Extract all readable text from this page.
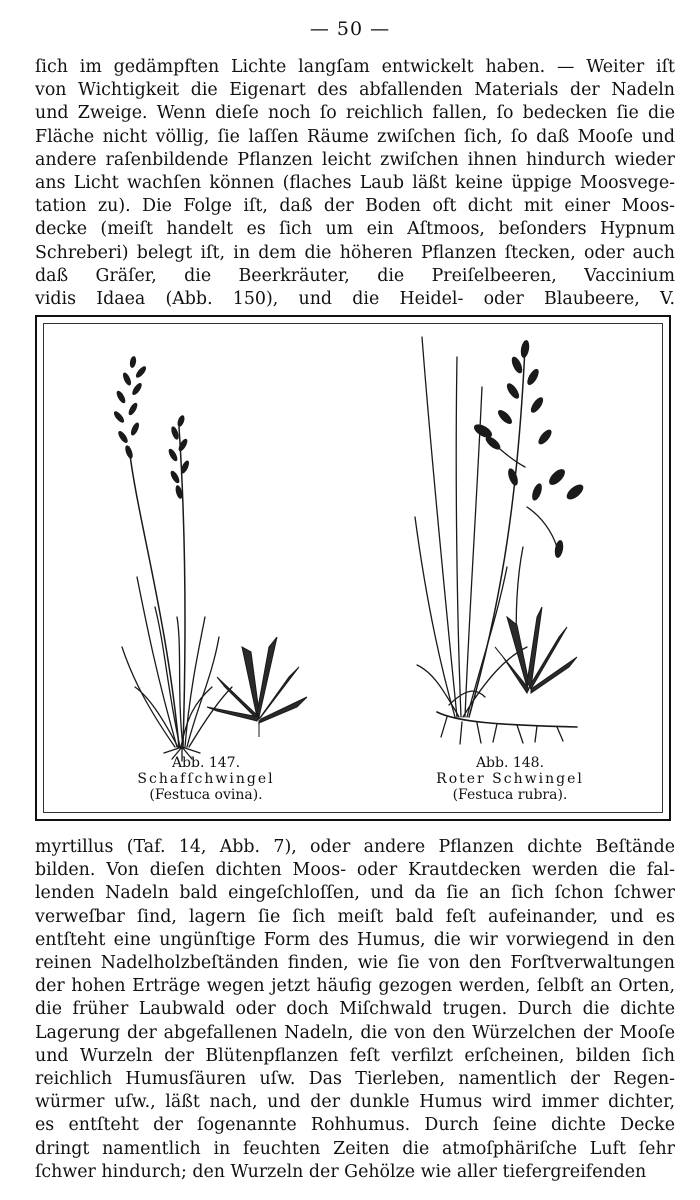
— 50 —
ſich im gedämpften Lichte langſam entwickelt haben. — Weiter iſt
von Wichtigkeit die Eigenart des abfallenden Materials der Nadeln
und Zweige. Wenn dieſe noch ſo reichlich fallen, ſo bedecken ſie die
Fläche nicht völlig, ſie laſſen Räume zwiſchen ſich, ſo daß Mooſe und
andere raſenbildende Pflanzen leicht zwiſchen ihnen hindurch wieder
ans Licht wachſen können (flaches Laub läßt keine üppige Moosvege-
tation zu). Die Folge iſt, daß der Boden oft dicht mit einer Moos-
decke (meiſt handelt es ſich um ein Aſtmoos, beſonders Hypnum
Schreberi) belegt iſt, in dem die höheren Pflanzen ſtecken, oder auch
daß Gräſer, die Beerkräuter, die Preiſelbeeren, Vaccinium
vidis Idaea (Abb. 150), und die Heidel- oder Blaubeere, V.
Abb. 147.
Schafſchwingel
(Festuca ovina).
Abb. 148.
Roter Schwingel
(Festuca rubra).
myrtillus (Taf. 14, Abb. 7), oder andere Pflanzen dichte Beſtände
bilden. Von dieſen dichten Moos- oder Krautdecken werden die fal-
lenden Nadeln bald eingeſchloſſen, und da ſie an ſich ſchon ſchwer
verweſbar ſind, lagern ſie ſich meiſt bald feſt aufeinander, und es
entſteht eine ungünſtige Form des Humus, die wir vorwiegend in den
reinen Nadelholzbeſtänden finden, wie ſie von den Forſtverwaltungen
der hohen Erträge wegen jetzt häufig gezogen werden, ſelbſt an Orten,
die früher Laubwald oder doch Miſchwald trugen. Durch die dichte
Lagerung der abgefallenen Nadeln, die von den Würzelchen der Mooſe
und Wurzeln der Blütenpflanzen feſt verfilzt erſcheinen, bilden ſich
reichlich Humusſäuren uſw. Das Tierleben, namentlich der Regen-
würmer uſw., läßt nach, und der dunkle Humus wird immer dichter,
es entſteht der ſogenannte Rohhumus. Durch ſeine dichte Decke
dringt namentlich in feuchten Zeiten die atmoſphäriſche Luft ſehr
ſchwer hindurch; den Wurzeln der Gehölze wie aller tiefergreifenden
